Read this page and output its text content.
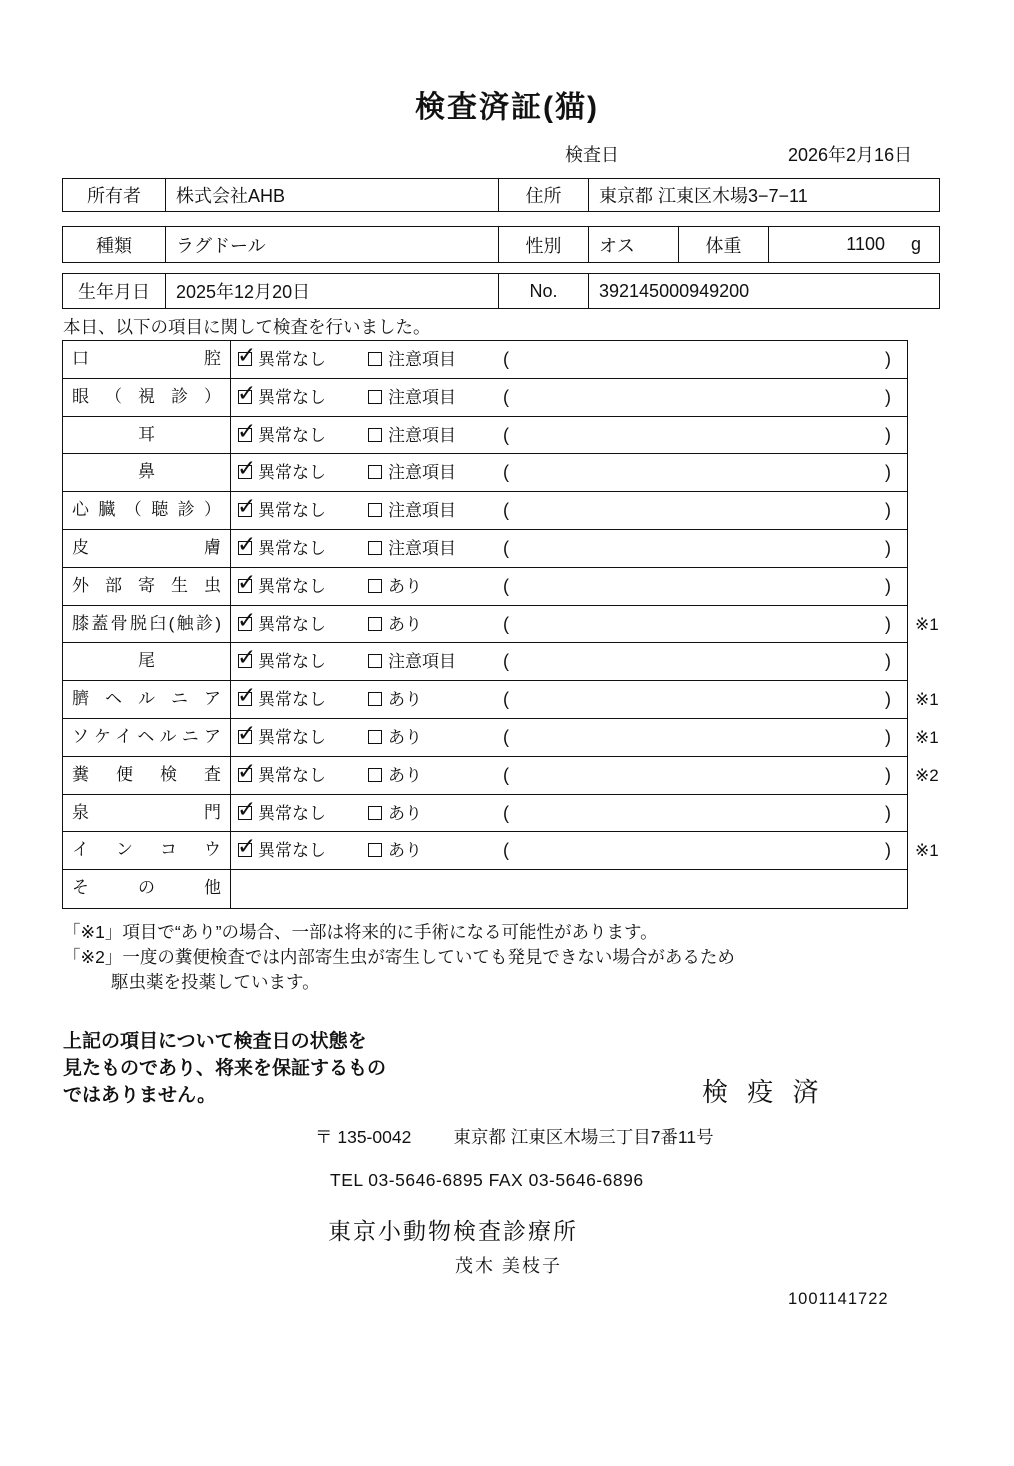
検査済証(猫)
検査日	2026年2月16日
所有者	株式会社AHB	住所	東京都 江東区木場3−7−11
種類	ラグドール	性別	オス	体重	1100 g
生年月日	2025年12月20日	No.	392145000949200
本日、以下の項目に関して検査を行いました。
口腔 ✓	異常なし	注意項目	(	)
眼（視診） ✓	異常なし	注意項目	(	)
耳 ✓	異常なし	注意項目	(	)
鼻 ✓	異常なし	注意項目	(	)
心臓（聴診） ✓	異常なし	注意項目	(	)
皮膚 ✓	異常なし	注意項目	(	)
外部寄生虫 ✓	異常なし	あり	(	)
膝蓋骨脱臼(触診) ✓	異常なし	あり	(	)	※1
尾 ✓	異常なし	注意項目	(	)
臍ヘルニア ✓	異常なし	あり	(	)	※1
ソケイヘルニア ✓	異常なし	あり	(	)	※1
糞便検査 ✓	異常なし	あり	(	)	※2
泉門 ✓	異常なし	あり	(	)
インコウ ✓	異常なし	あり	(	)	※1
その他
「※1」項目で“あり”の場合、一部は将来的に手術になる可能性があります。
「※2」一度の糞便検査では内部寄生虫が寄生していても発見できない場合があるため
駆虫薬を投薬しています。
上記の項目について検査日の状態を
見たものであり、将来を保証するもの
ではありません。	検 疫 済
〒 135-0042 東京都 江東区木場三丁目7番11号
TEL 03-5646-6895 FAX 03-5646-6896
東京小動物検査診療所
茂木 美枝子
1001141722
